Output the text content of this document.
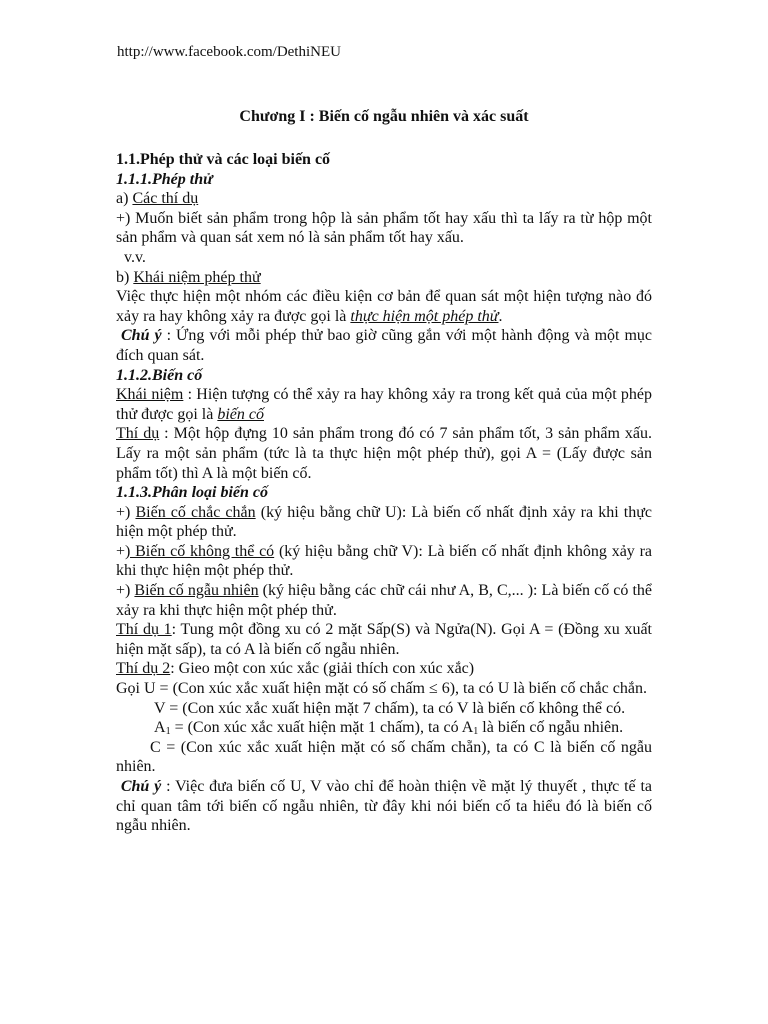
http://www.facebook.com/DethiNEU
Chương I : Biến cố ngẫu nhiên và xác suất

1.1.Phép thử và các loại biến cố

1.1.1.Phép thử

a) Các thí dụ

+) Muốn biết sản phẩm trong hộp là sản phẩm tốt hay xấu thì ta lấy ra từ hộp một sản phẩm và quan sát xem nó là sản phẩm tốt hay xấu.

v.v.

b) Khái niệm phép thử

Việc thực hiện một nhóm các điều kiện cơ bản để quan sát một hiện tượng nào đó xảy ra hay không xảy ra được gọi là thực hiện một phép thử.

Chú ý : Ứng với mỗi phép thử bao giờ cũng gắn với một hành động và một mục đích quan sát.

1.1.2.Biến cố

Khái niệm : Hiện tượng có thể xảy ra hay không xảy ra trong kết quả của một phép thử được gọi là biến cố

Thí dụ : Một hộp đựng 10 sản phẩm trong đó có 7 sản phẩm tốt, 3 sản phẩm xấu. Lấy ra một sản phẩm (tức là ta thực hiện một phép thử), gọi A = (Lấy được sản phẩm tốt) thì A là một biến cố.

1.1.3.Phân loại biến cố

+) Biến cố chắc chắn (ký hiệu bằng chữ U): Là biến cố nhất định xảy ra khi thực hiện một phép thử.

+) Biến cố không thể có (ký hiệu bằng chữ V): Là biến cố nhất định không xảy ra khi thực hiện một phép thử.

+) Biến cố ngẫu nhiên (ký hiệu bằng các chữ cái như A, B, C,... ): Là biến cố có thể xảy ra khi thực hiện một phép thử.

Thí dụ 1: Tung một đồng xu có 2 mặt Sấp(S) và Ngửa(N). Gọi A = (Đồng xu xuất hiện mặt sấp), ta có A là biến cố ngẫu nhiên.

Thí dụ 2: Gieo một con xúc xắc (giải thích con xúc xắc)

Gọi U = (Con xúc xắc xuất hiện mặt có số chấm ≤ 6), ta có U là biến cố chắc chắn.

V = (Con xúc xắc xuất hiện mặt 7 chấm), ta có V là biến cố không thể có.

$A_1 = (Con$ xúc xắc xuất hiện mặt 1 chấm), ta có $A_1$ là biến cố ngẫu nhiên.

C = (Con xúc xắc xuất hiện mặt có số chấm chẵn), ta có C là biến cố ngẫu nhiên.

Chú ý : Việc đưa biến cố U, V vào chỉ để hoàn thiện về mặt lý thuyết , thực tế ta chỉ quan tâm tới biến cố ngẫu nhiên, từ đây khi nói biến cố ta hiểu đó là biến cố ngẫu nhiên.
